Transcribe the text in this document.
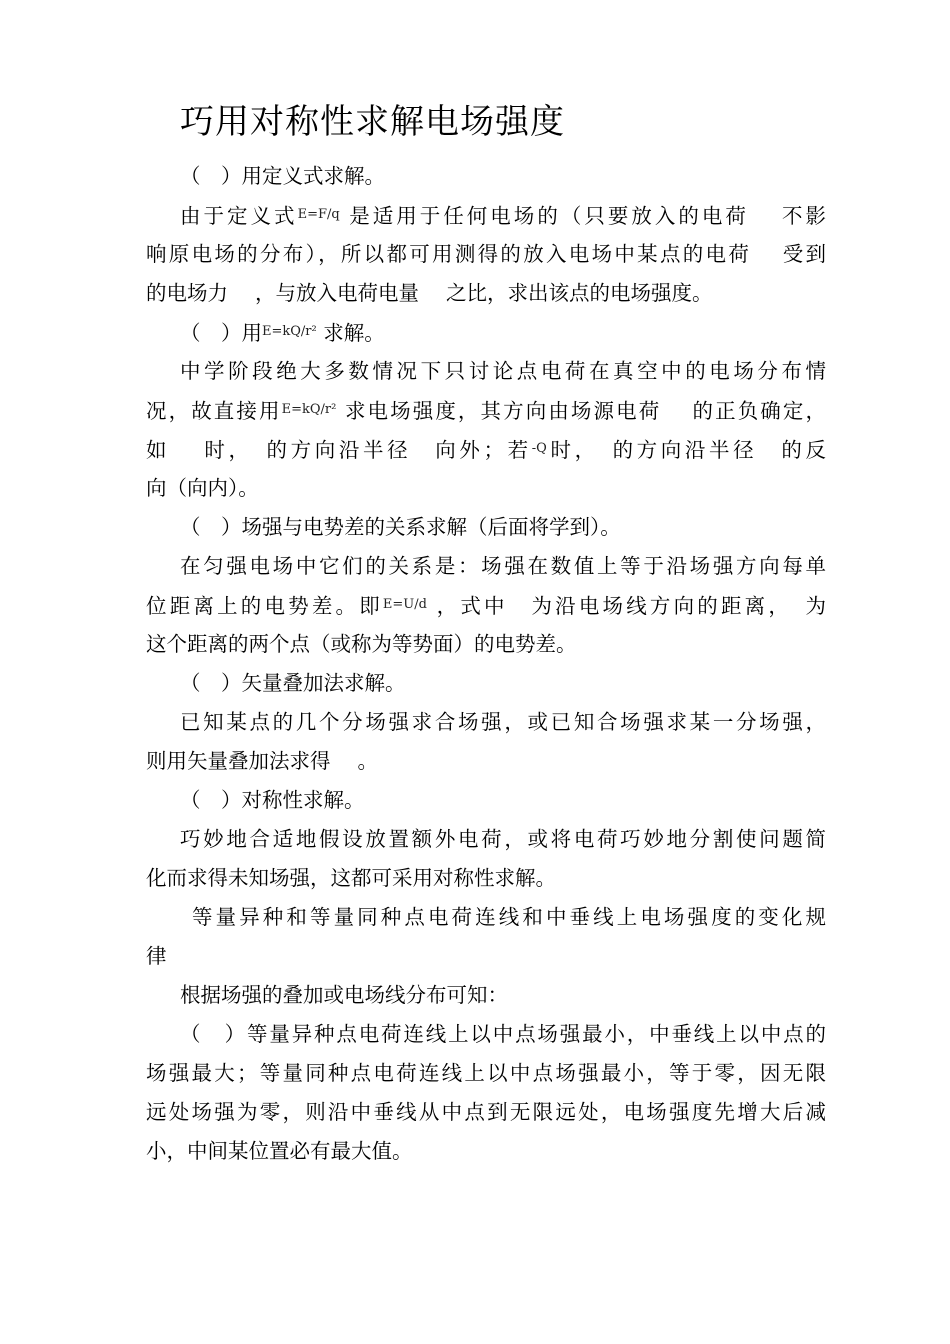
巧用对称性求解电场强度
（　）用定义式求解。
由于定义式$^{E=F/q}$ 是适用于任何电场的（只要放入的电荷　 不影
响原电场的分布），所以都可用测得的放入电场中某点的电荷　 受到
的电场力　 ，与放入电荷电量　 之比，求出该点的电场强度。
（　）用$^{E=kQ/r^2}$ 求解。
中学阶段绝大多数情况下只讨论点电荷在真空中的电场分布情
况，故直接用$^{E=kQ/r^2}$ 求电场强度，其方向由场源电荷　 的正负确定，
如　 时，　的方向沿半径　向外；若$^{-Q}$时，　的方向沿半径　的反
向（向内）。
（　）场强与电势差的关系求解（后面将学到）。
在匀强电场中它们的关系是：场强在数值上等于沿场强方向每单
位距离上的电势差。即$^{E=U/d}$ ，式中　为沿电场线方向的距离，　为
这个距离的两个点（或称为等势面）的电势差。
（　）矢量叠加法求解。
已知某点的几个分场强求合场强，或已知合场强求某一分场强，
则用矢量叠加法求得　 。
（　）对称性求解。
巧妙地合适地假设放置额外电荷，或将电荷巧妙地分割使问题简
化而求得未知场强，这都可采用对称性求解。
等量异种和等量同种点电荷连线和中垂线上电场强度的变化规
律
根据场强的叠加或电场线分布可知：
（　）等量异种点电荷连线上以中点场强最小，中垂线上以中点的
场强最大；等量同种点电荷连线上以中点场强最小，等于零，因无限
远处场强为零，则沿中垂线从中点到无限远处，电场强度先增大后减
小，中间某位置必有最大值。
